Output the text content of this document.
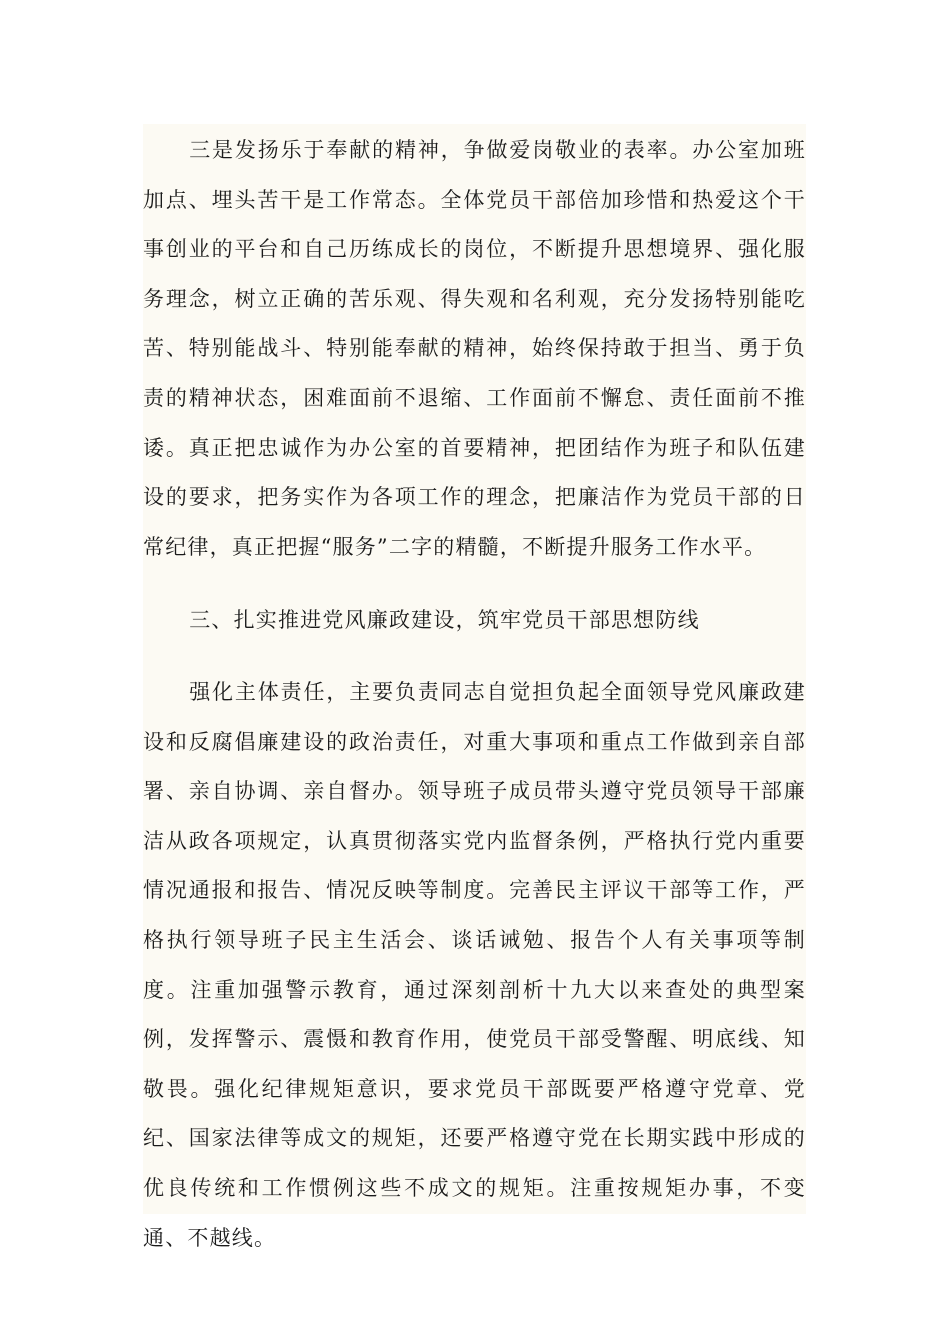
三是发扬乐于奉献的精神，争做爱岗敬业的表率。办公室加班加点、埋头苦干是工作常态。全体党员干部倍加珍惜和热爱这个干事创业的平台和自己历练成长的岗位，不断提升思想境界、强化服务理念，树立正确的苦乐观、得失观和名利观，充分发扬特别能吃苦、特别能战斗、特别能奉献的精神，始终保持敢于担当、勇于负责的精神状态，困难面前不退缩、工作面前不懈怠、责任面前不推诿。真正把忠诚作为办公室的首要精神，把团结作为班子和队伍建设的要求，把务实作为各项工作的理念，把廉洁作为党员干部的日常纪律，真正把握“服务”二字的精髓，不断提升服务工作水平。

三、扎实推进党风廉政建设，筑牢党员干部思想防线

强化主体责任，主要负责同志自觉担负起全面领导党风廉政建设和反腐倡廉建设的政治责任，对重大事项和重点工作做到亲自部署、亲自协调、亲自督办。领导班子成员带头遵守党员领导干部廉洁从政各项规定，认真贯彻落实党内监督条例，严格执行党内重要情况通报和报告、情况反映等制度。完善民主评议干部等工作，严格执行领导班子民主生活会、谈话诫勉、报告个人有关事项等制度。注重加强警示教育，通过深刻剖析十九大以来查处的典型案例，发挥警示、震慑和教育作用，使党员干部受警醒、明底线、知敬畏。强化纪律规矩意识，要求党员干部既要严格遵守党章、党纪、国家法律等成文的规矩，还要严格遵守党在长期实践中形成的优良传统和工作惯例这些不成文的规矩。注重按规矩办事，不变通、不越线。
